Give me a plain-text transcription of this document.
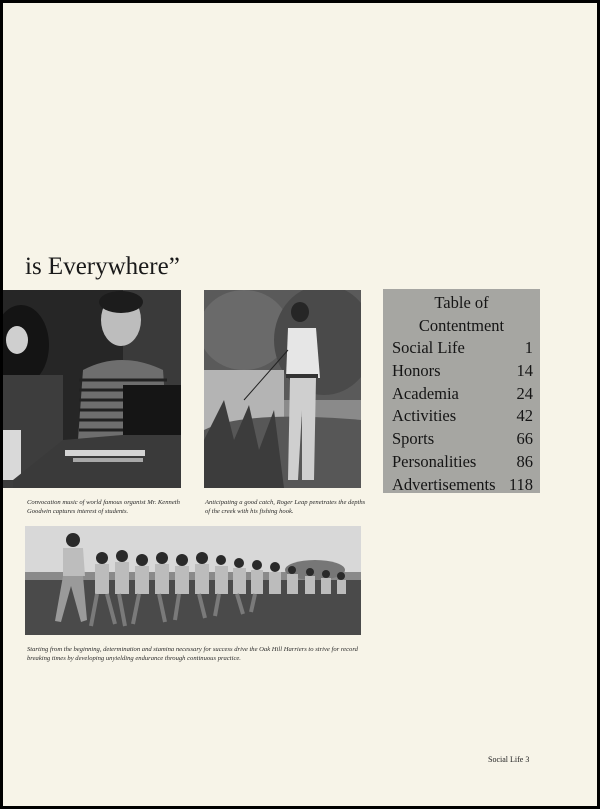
is Everywhere”
Convocation music of world famous organist Mr. Kenneth Goodwin captures interest of students.
Anticipating a good catch, Roger Leap penetrates the depths of the creek with his fishing hook.
Starting from the beginning, determination and stamina necessary for success drive the Oak Hill Harriers to strive for record breaking times by developing unyielding endurance through continuous practice.
Table of
Contentment
Social Life	1
Honors	14
Academia	24
Activities	42
Sports	66
Personalities 86
Advertisements 118
Social Life 3
